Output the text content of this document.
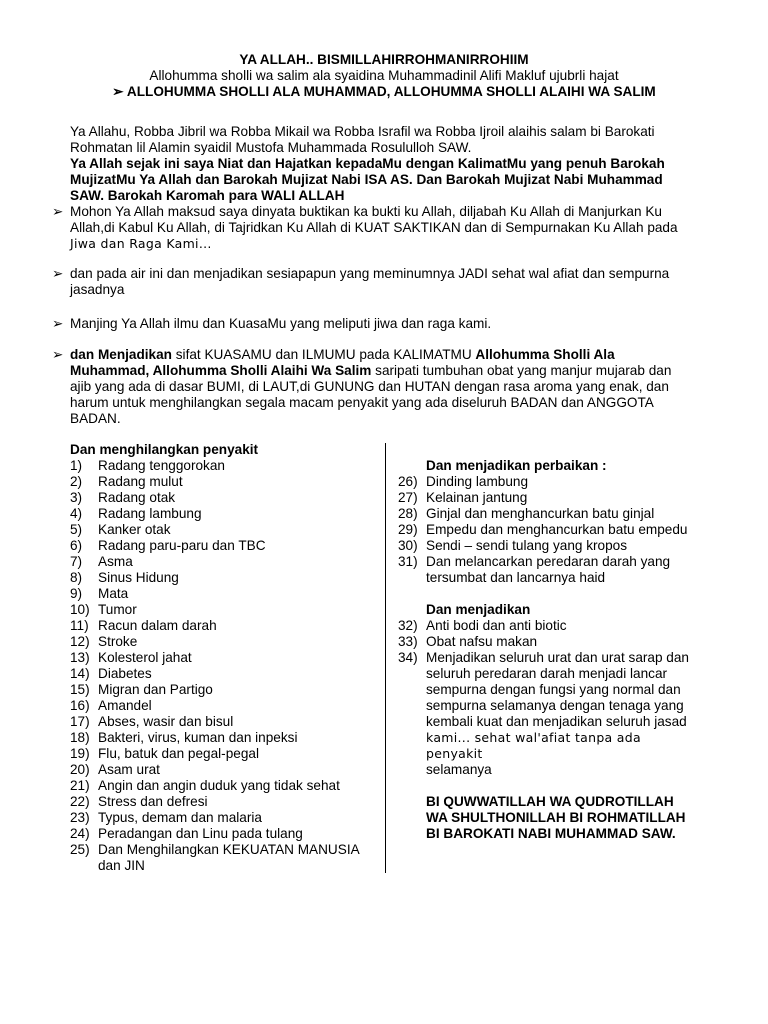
YA ALLAH.. BISMILLAHIRROHMANIRROHIIM
Allohumma sholli wa salim ala syaidina Muhammadinil Alifi Makluf ujubrli hajat
➢ ALLOHUMMA SHOLLI ALA MUHAMMAD, ALLOHUMMA SHOLLI ALAIHI WA SALIM
Ya Allahu, Robba Jibril wa Robba Mikail wa Robba Israfil wa Robba Ijroil alaihis salam bi Barokati
Rohmatan lil Alamin syaidil Mustofa Muhammada Rosululloh SAW.
Ya Allah sejak ini saya Niat dan Hajatkan kepadaMu dengan KalimatMu yang penuh Barokah
MujizatMu Ya Allah dan Barokah Mujizat Nabi ISA AS. Dan Barokah Mujizat Nabi Muhammad
SAW. Barokah Karomah para WALI ALLAH
➢ Mohon Ya Allah maksud saya dinyata buktikan ka bukti ku Allah, diljabah Ku Allah di Manjurkan Ku
Allah,di Kabul Ku Allah, di Tajridkan Ku Allah di KUAT SAKTIKAN dan di Sempurnakan Ku Allah pada
Jiwa dan Raga Kami...
➢ dan pada air ini dan menjadikan sesiapapun yang meminumnya JADI sehat wal afiat dan sempurna
jasadnya
➢ Manjing Ya Allah ilmu dan KuasaMu yang meliputi jiwa dan raga kami.
➢ dan Menjadikan sifat KUASAMU dan ILMUMU pada KALIMATMU Allohumma Sholli Ala
Muhammad, Allohumma Sholli Alaihi Wa Salim saripati tumbuhan obat yang manjur mujarab dan
ajib yang ada di dasar BUMI, di LAUT,di GUNUNG dan HUTAN dengan rasa aroma yang enak, dan
harum untuk menghilangkan segala macam penyakit yang ada diseluruh BADAN dan ANGGOTA
BADAN.
Dan menghilangkan penyakit
1) Radang tenggorokan
2) Radang mulut
3) Radang otak
4) Radang lambung
5) Kanker otak
6) Radang paru-paru dan TBC
7) Asma
8) Sinus Hidung
9) Mata
10) Tumor
11) Racun dalam darah
12) Stroke
13) Kolesterol jahat
14) Diabetes
15) Migran dan Partigo
16) Amandel
17) Abses, wasir dan bisul
18) Bakteri, virus, kuman dan inpeksi
19) Flu, batuk dan pegal-pegal
20) Asam urat
21) Angin dan angin duduk yang tidak sehat
22) Stress dan defresi
23) Typus, demam dan malaria
24) Peradangan dan Linu pada tulang
25) Dan Menghilangkan KEKUATAN MANUSIA
dan JIN
Dan menjadikan perbaikan :
26) Dinding lambung
27) Kelainan jantung
28) Ginjal dan menghancurkan batu ginjal
29) Empedu dan menghancurkan batu empedu
30) Sendi – sendi tulang yang kropos
31) Dan melancarkan peredaran darah yang
tersumbat dan lancarnya haid
Dan menjadikan
32) Anti bodi dan anti biotic
33) Obat nafsu makan
34) Menjadikan seluruh urat dan urat sarap dan
seluruh peredaran darah menjadi lancar
sempurna dengan fungsi yang normal dan
sempurna selamanya dengan tenaga yang
kembali kuat dan menjadikan seluruh jasad
kami... sehat wal'afiat tanpa ada penyakit
selamanya
BI QUWWATILLAH WA QUDROTILLAH
WA SHULTHONILLAH BI ROHMATILLAH
BI BAROKATI NABI MUHAMMAD SAW.
